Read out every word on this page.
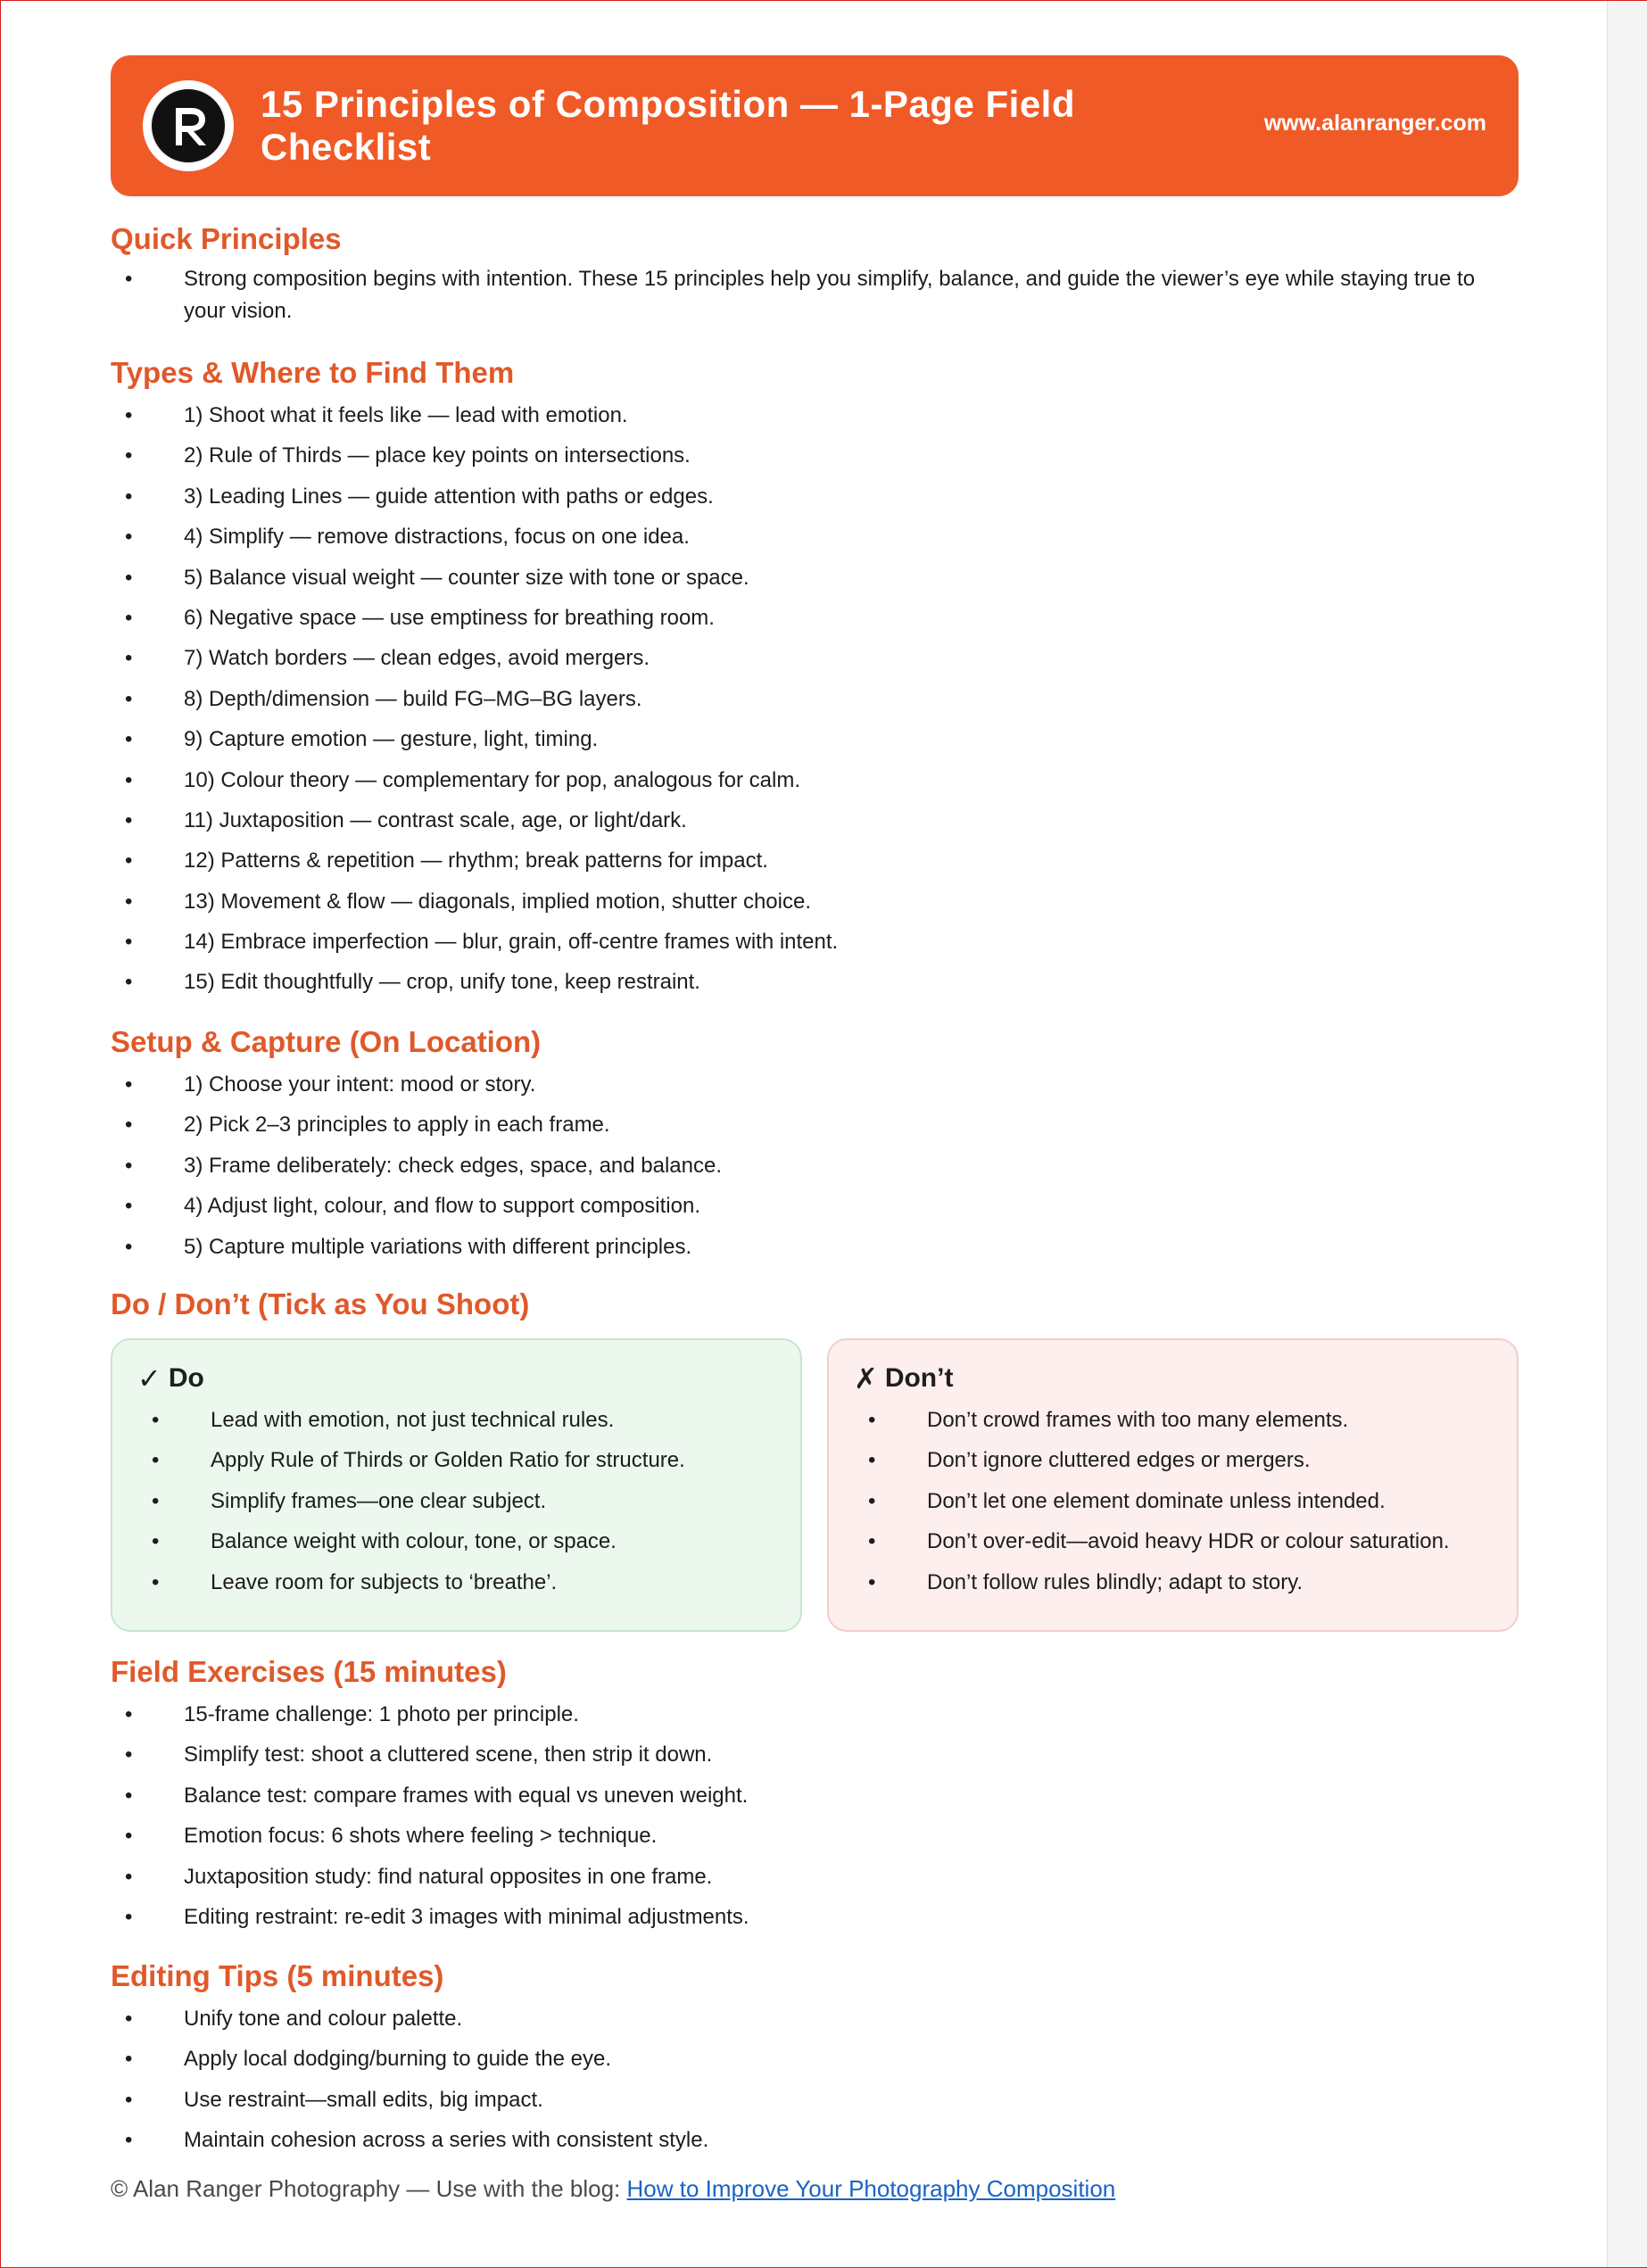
15 Principles of Composition — 1-Page Field
Checklist
www.alanranger.com
Quick Principles
• Strong composition begins with intention. These 15 principles help you simplify, balance, and guide the viewer’s eye while staying true to your vision.
Types & Where to Find Them
• 1) Shoot what it feels like — lead with emotion.
• 2) Rule of Thirds — place key points on intersections.
• 3) Leading Lines — guide attention with paths or edges.
• 4) Simplify — remove distractions, focus on one idea.
• 5) Balance visual weight — counter size with tone or space.
• 6) Negative space — use emptiness for breathing room.
• 7) Watch borders — clean edges, avoid mergers.
• 8) Depth/dimension — build FG–MG–BG layers.
• 9) Capture emotion — gesture, light, timing.
• 10) Colour theory — complementary for pop, analogous for calm.
• 11) Juxtaposition — contrast scale, age, or light/dark.
• 12) Patterns & repetition — rhythm; break patterns for impact.
• 13) Movement & flow — diagonals, implied motion, shutter choice.
• 14) Embrace imperfection — blur, grain, off-centre frames with intent.
• 15) Edit thoughtfully — crop, unify tone, keep restraint.
Setup & Capture (On Location)
• 1) Choose your intent: mood or story.
• 2) Pick 2–3 principles to apply in each frame.
• 3) Frame deliberately: check edges, space, and balance.
• 4) Adjust light, colour, and flow to support composition.
• 5) Capture multiple variations with different principles.
Do / Don’t (Tick as You Shoot)
✓ Do
• Lead with emotion, not just technical rules.
• Apply Rule of Thirds or Golden Ratio for structure.
• Simplify frames—one clear subject.
• Balance weight with colour, tone, or space.
• Leave room for subjects to ‘breathe’.
✗ Don’t
• Don’t crowd frames with too many elements.
• Don’t ignore cluttered edges or mergers.
• Don’t let one element dominate unless intended.
• Don’t over-edit—avoid heavy HDR or colour saturation.
• Don’t follow rules blindly; adapt to story.
Field Exercises (15 minutes)
• 15-frame challenge: 1 photo per principle.
• Simplify test: shoot a cluttered scene, then strip it down.
• Balance test: compare frames with equal vs uneven weight.
• Emotion focus: 6 shots where feeling > technique.
• Juxtaposition study: find natural opposites in one frame.
• Editing restraint: re-edit 3 images with minimal adjustments.
Editing Tips (5 minutes)
• Unify tone and colour palette.
• Apply local dodging/burning to guide the eye.
• Use restraint—small edits, big impact.
• Maintain cohesion across a series with consistent style.
© Alan Ranger Photography — Use with the blog: How to Improve Your Photography Composition
